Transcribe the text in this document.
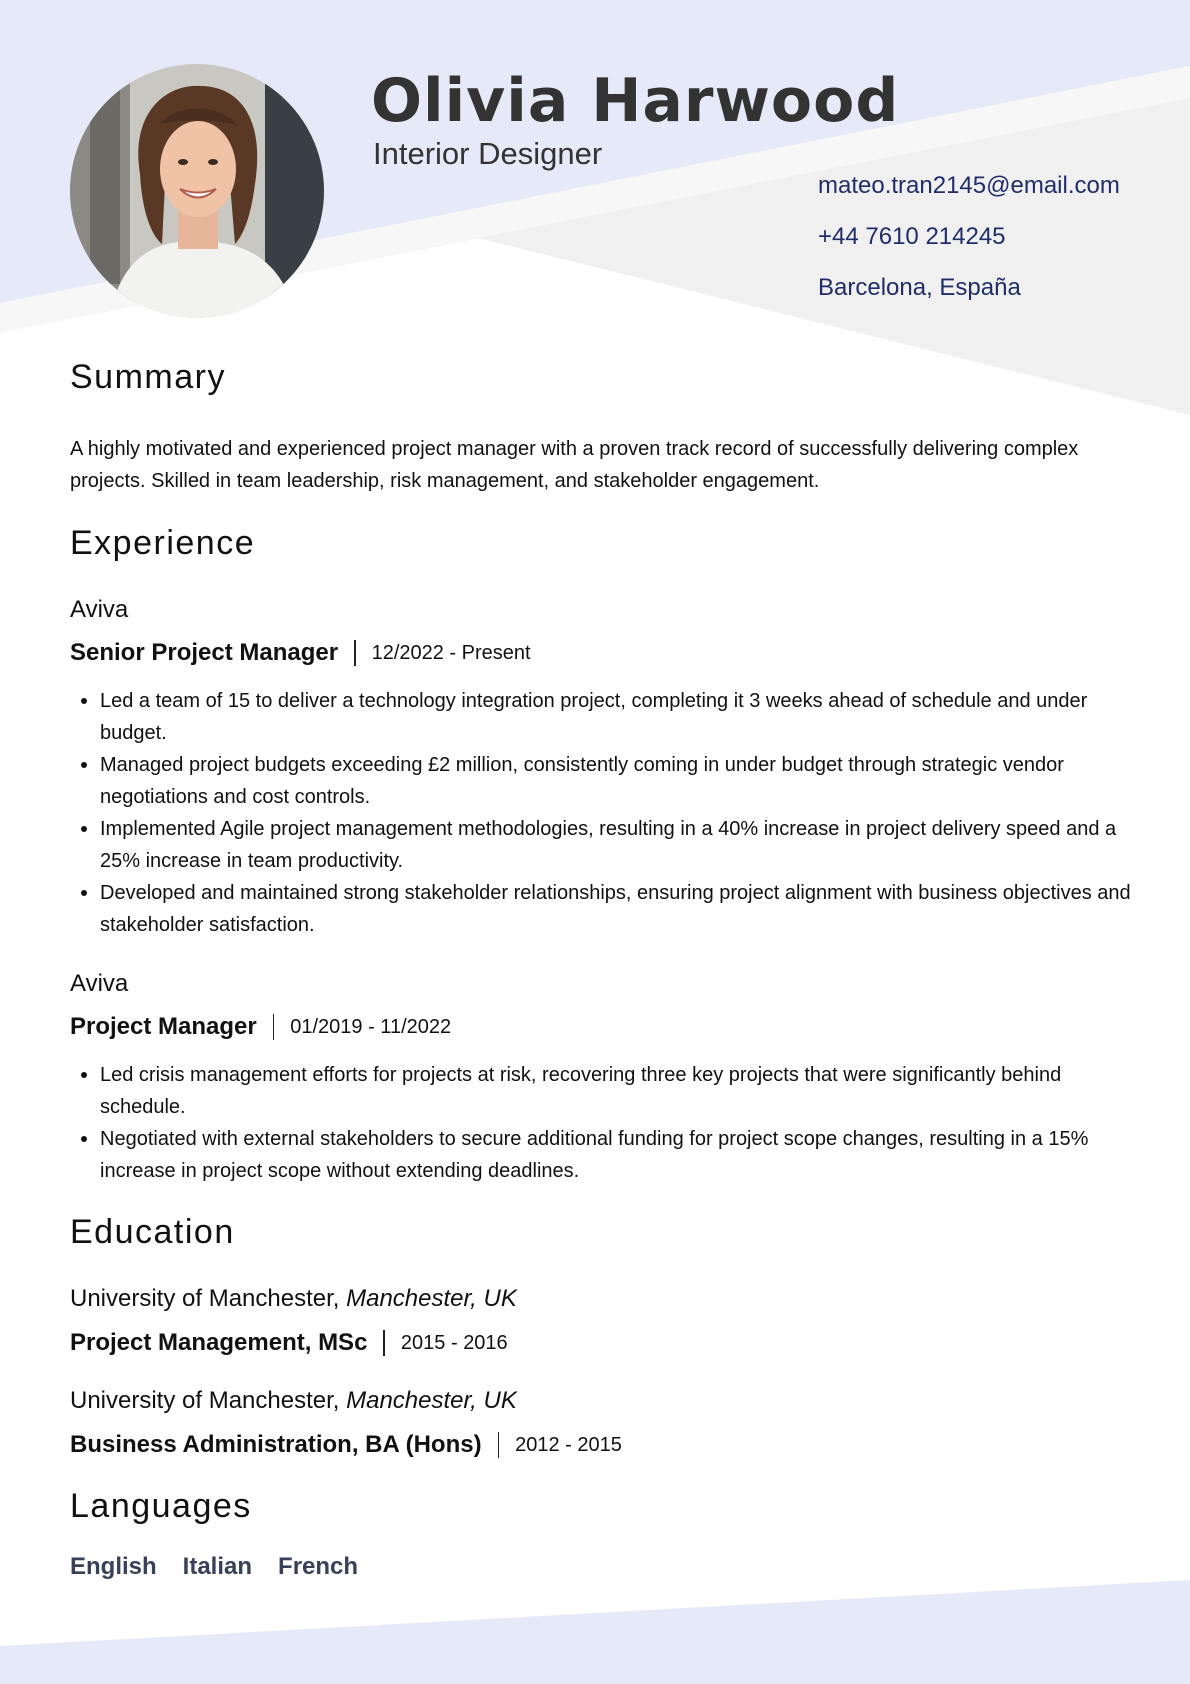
Olivia Harwood
Interior Designer
mateo.tran2145@email.com
+44 7610 214245
Barcelona, España
Summary

A highly motivated and experienced project manager with a proven track record of successfully delivering complex projects. Skilled in team leadership, risk management, and stakeholder engagement.

Experience
Aviva
Senior Project Manager 12/2022 - Present
Led a team of 15 to deliver a technology integration project, completing it 3 weeks ahead of schedule and under budget.
Managed project budgets exceeding £2 million, consistently coming in under budget through strategic vendor negotiations and cost controls.
Implemented Agile project management methodologies, resulting in a 40% increase in project delivery speed and a 25% increase in team productivity.
Developed and maintained strong stakeholder relationships, ensuring project alignment with business objectives and stakeholder satisfaction.
Aviva
Project Manager 01/2019 - 11/2022
Led crisis management efforts for projects at risk, recovering three key projects that were significantly behind schedule.
Negotiated with external stakeholders to secure additional funding for project scope changes, resulting in a 15% increase in project scope without extending deadlines.
Education
University of Manchester, Manchester, UK
Project Management, MSc 2015 - 2016
University of Manchester, Manchester, UK
Business Administration, BA (Hons) 2012 - 2015
Languages
English Italian French
